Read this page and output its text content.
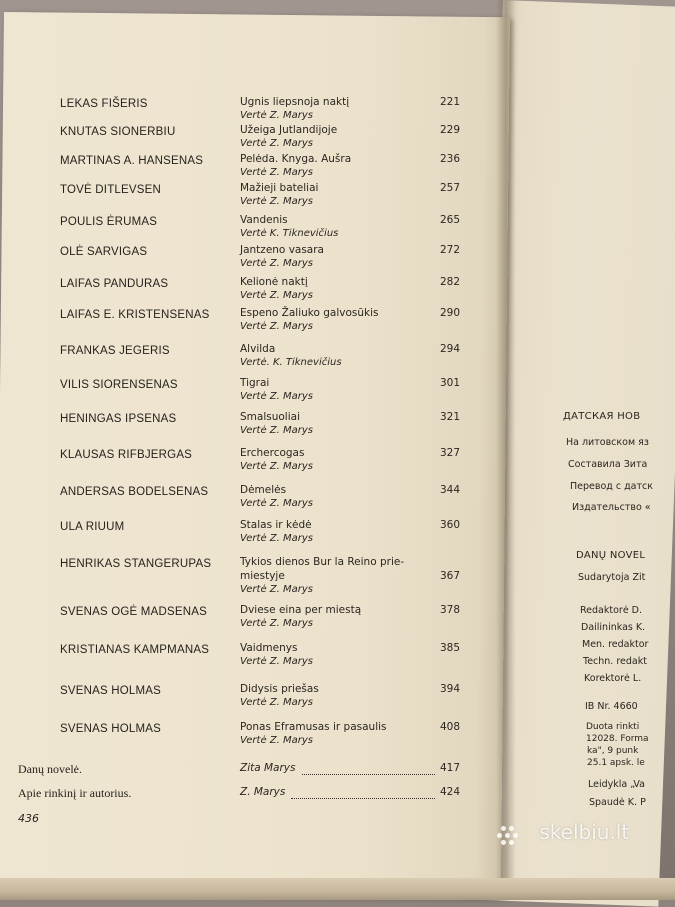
LEKAS FIŠERIS	Ugnis liepsnoja naktį	221
Vertė Z. Marys
KNUTAS SIONERBIU	Užeiga Jutlandijoje	229
Vertė Z. Marys
MARTINAS A. HANSENAS	Pelėda. Knyga. Aušra	236
Vertė Z. Marys
TOVĖ DITLEVSEN	Mažieji bateliai	257
Vertė Z. Marys
POULIS ĖRUMAS	Vandenis	265
Vertė K. Tiknevičius
OLĖ SARVIGAS	Jantzeno vasara	272
Vertė Z. Marys
LAIFAS PANDURAS	Kelionė naktį	282
Vertė Z. Marys
LAIFAS E. KRISTENSENAS	Espeno Žaliuko galvosūkis	290
Vertė Z. Marys
FRANKAS JEGERIS	Alvilda	294
Vertė. K. Tiknevičius
VILIS SIORENSENAS	Tigrai	301
Vertė Z. Marys
HENINGAS IPSENAS	Smalsuoliai	321
Vertė Z. Marys
KLAUSAS RIFBJERGAS	Erchercogas	327
Vertė Z. Marys
ANDERSAS BODELSENAS	Dėmelės	344
Vertė Z. Marys
ULA RIUUM	Stalas ir kėdė	360
Vertė Z. Marys
HENRIKAS STANGERUPAS	Tykios dienos Bur la Reino prie-
miestyje	367
Vertė Z. Marys
SVENAS OGĖ MADSENAS	Dviese eina per miestą	378
Vertė Z. Marys
KRISTIANAS KAMPMANAS	Vaidmenys	385
Vertė Z. Marys
SVENAS HOLMAS	Didysis priešas	394
Vertė Z. Marys
SVENAS HOLMAS	Ponas Eframusas ir pasaulis	408
Vertė Z. Marys
Danų novelė.	Zita Marys	417
Apie rinkinį ir autorius.	Z. Marys	424
436
ДАТСКАЯ НОВ
На литовском яз
Составила Зита
Перевод с датск
Издательство «
DANŲ NOVEL
Sudarytoja Zit
Redaktorė D.
Dailininkas K.
Men. redaktor
Techn. redakt
Korektorė L.
IB Nr. 4660
Duota rinkti
12028. Forma
ka", 9 punk
25.1 apsk. le
Leidykla „Va
Spaudė K. P
skelbiu.lt
